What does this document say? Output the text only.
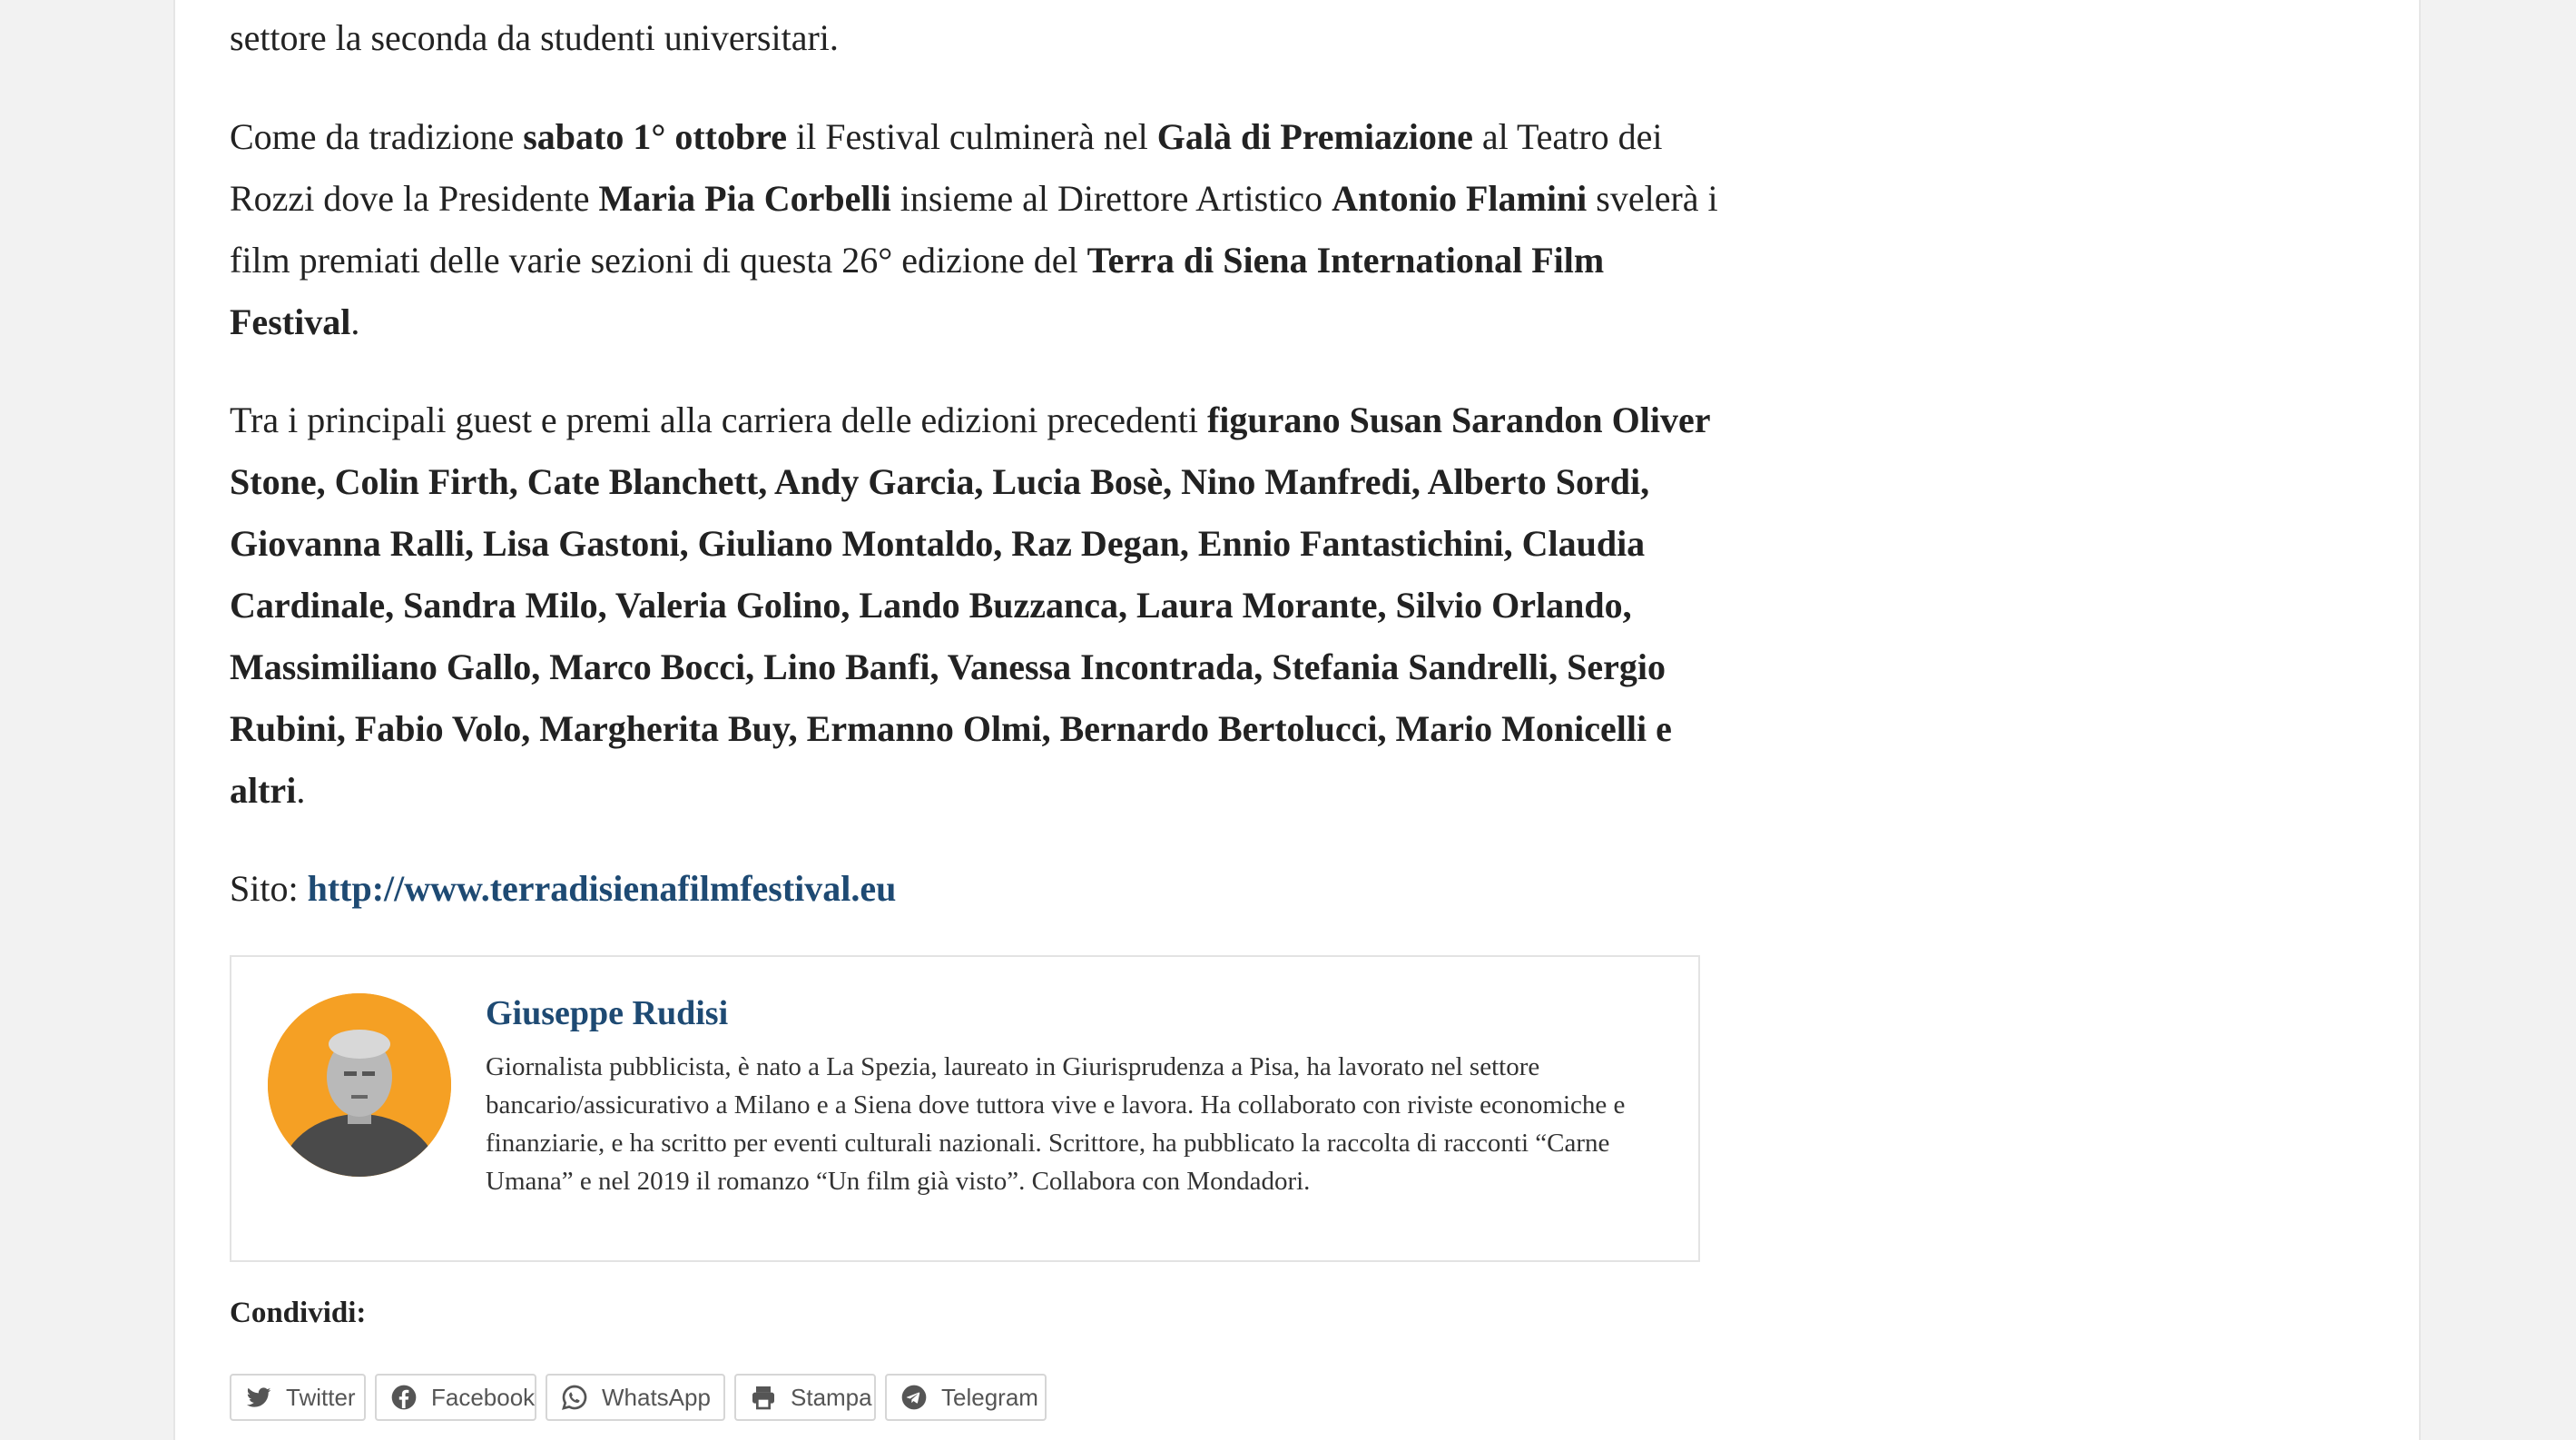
settore la seconda da studenti universitari.

Come da tradizione sabato 1° ottobre il Festival culminerà nel Galà di Premiazione al Teatro dei Rozzi dove la Presidente Maria Pia Corbelli insieme al Direttore Artistico Antonio Flamini svelerà i film premiati delle varie sezioni di questa 26° edizione del Terra di Siena International Film Festival.

Tra i principali guest e premi alla carriera delle edizioni precedenti figurano Susan Sarandon Oliver Stone, Colin Firth, Cate Blanchett, Andy Garcia, Lucia Bosè, Nino Manfredi, Alberto Sordi, Giovanna Ralli, Lisa Gastoni, Giuliano Montaldo, Raz Degan, Ennio Fantastichini, Claudia Cardinale, Sandra Milo, Valeria Golino, Lando Buzzanca, Laura Morante, Silvio Orlando, Massimiliano Gallo, Marco Bocci, Lino Banfi, Vanessa Incontrada, Stefania Sandrelli, Sergio Rubini, Fabio Volo, Margherita Buy, Ermanno Olmi, Bernardo Bertolucci, Mario Monicelli e altri.

Sito: http://www.terradisienafilmfestival.eu

Giuseppe Rudisi
Giornalista pubblicista, è nato a La Spezia, laureato in Giurisprudenza a Pisa, ha lavorato nel settore bancario/assicurativo a Milano e a Siena dove tuttora vive e lavora. Ha collaborato con riviste economiche e finanziarie, e ha scritto per eventi culturali nazionali. Scrittore, ha pubblicato la raccolta di racconti “Carne Umana” e nel 2019 il romanzo “Un film già visto”. Collabora con Mondadori.
Condividi:
Twitter	Facebook	WhatsApp	Stampa	Telegram
